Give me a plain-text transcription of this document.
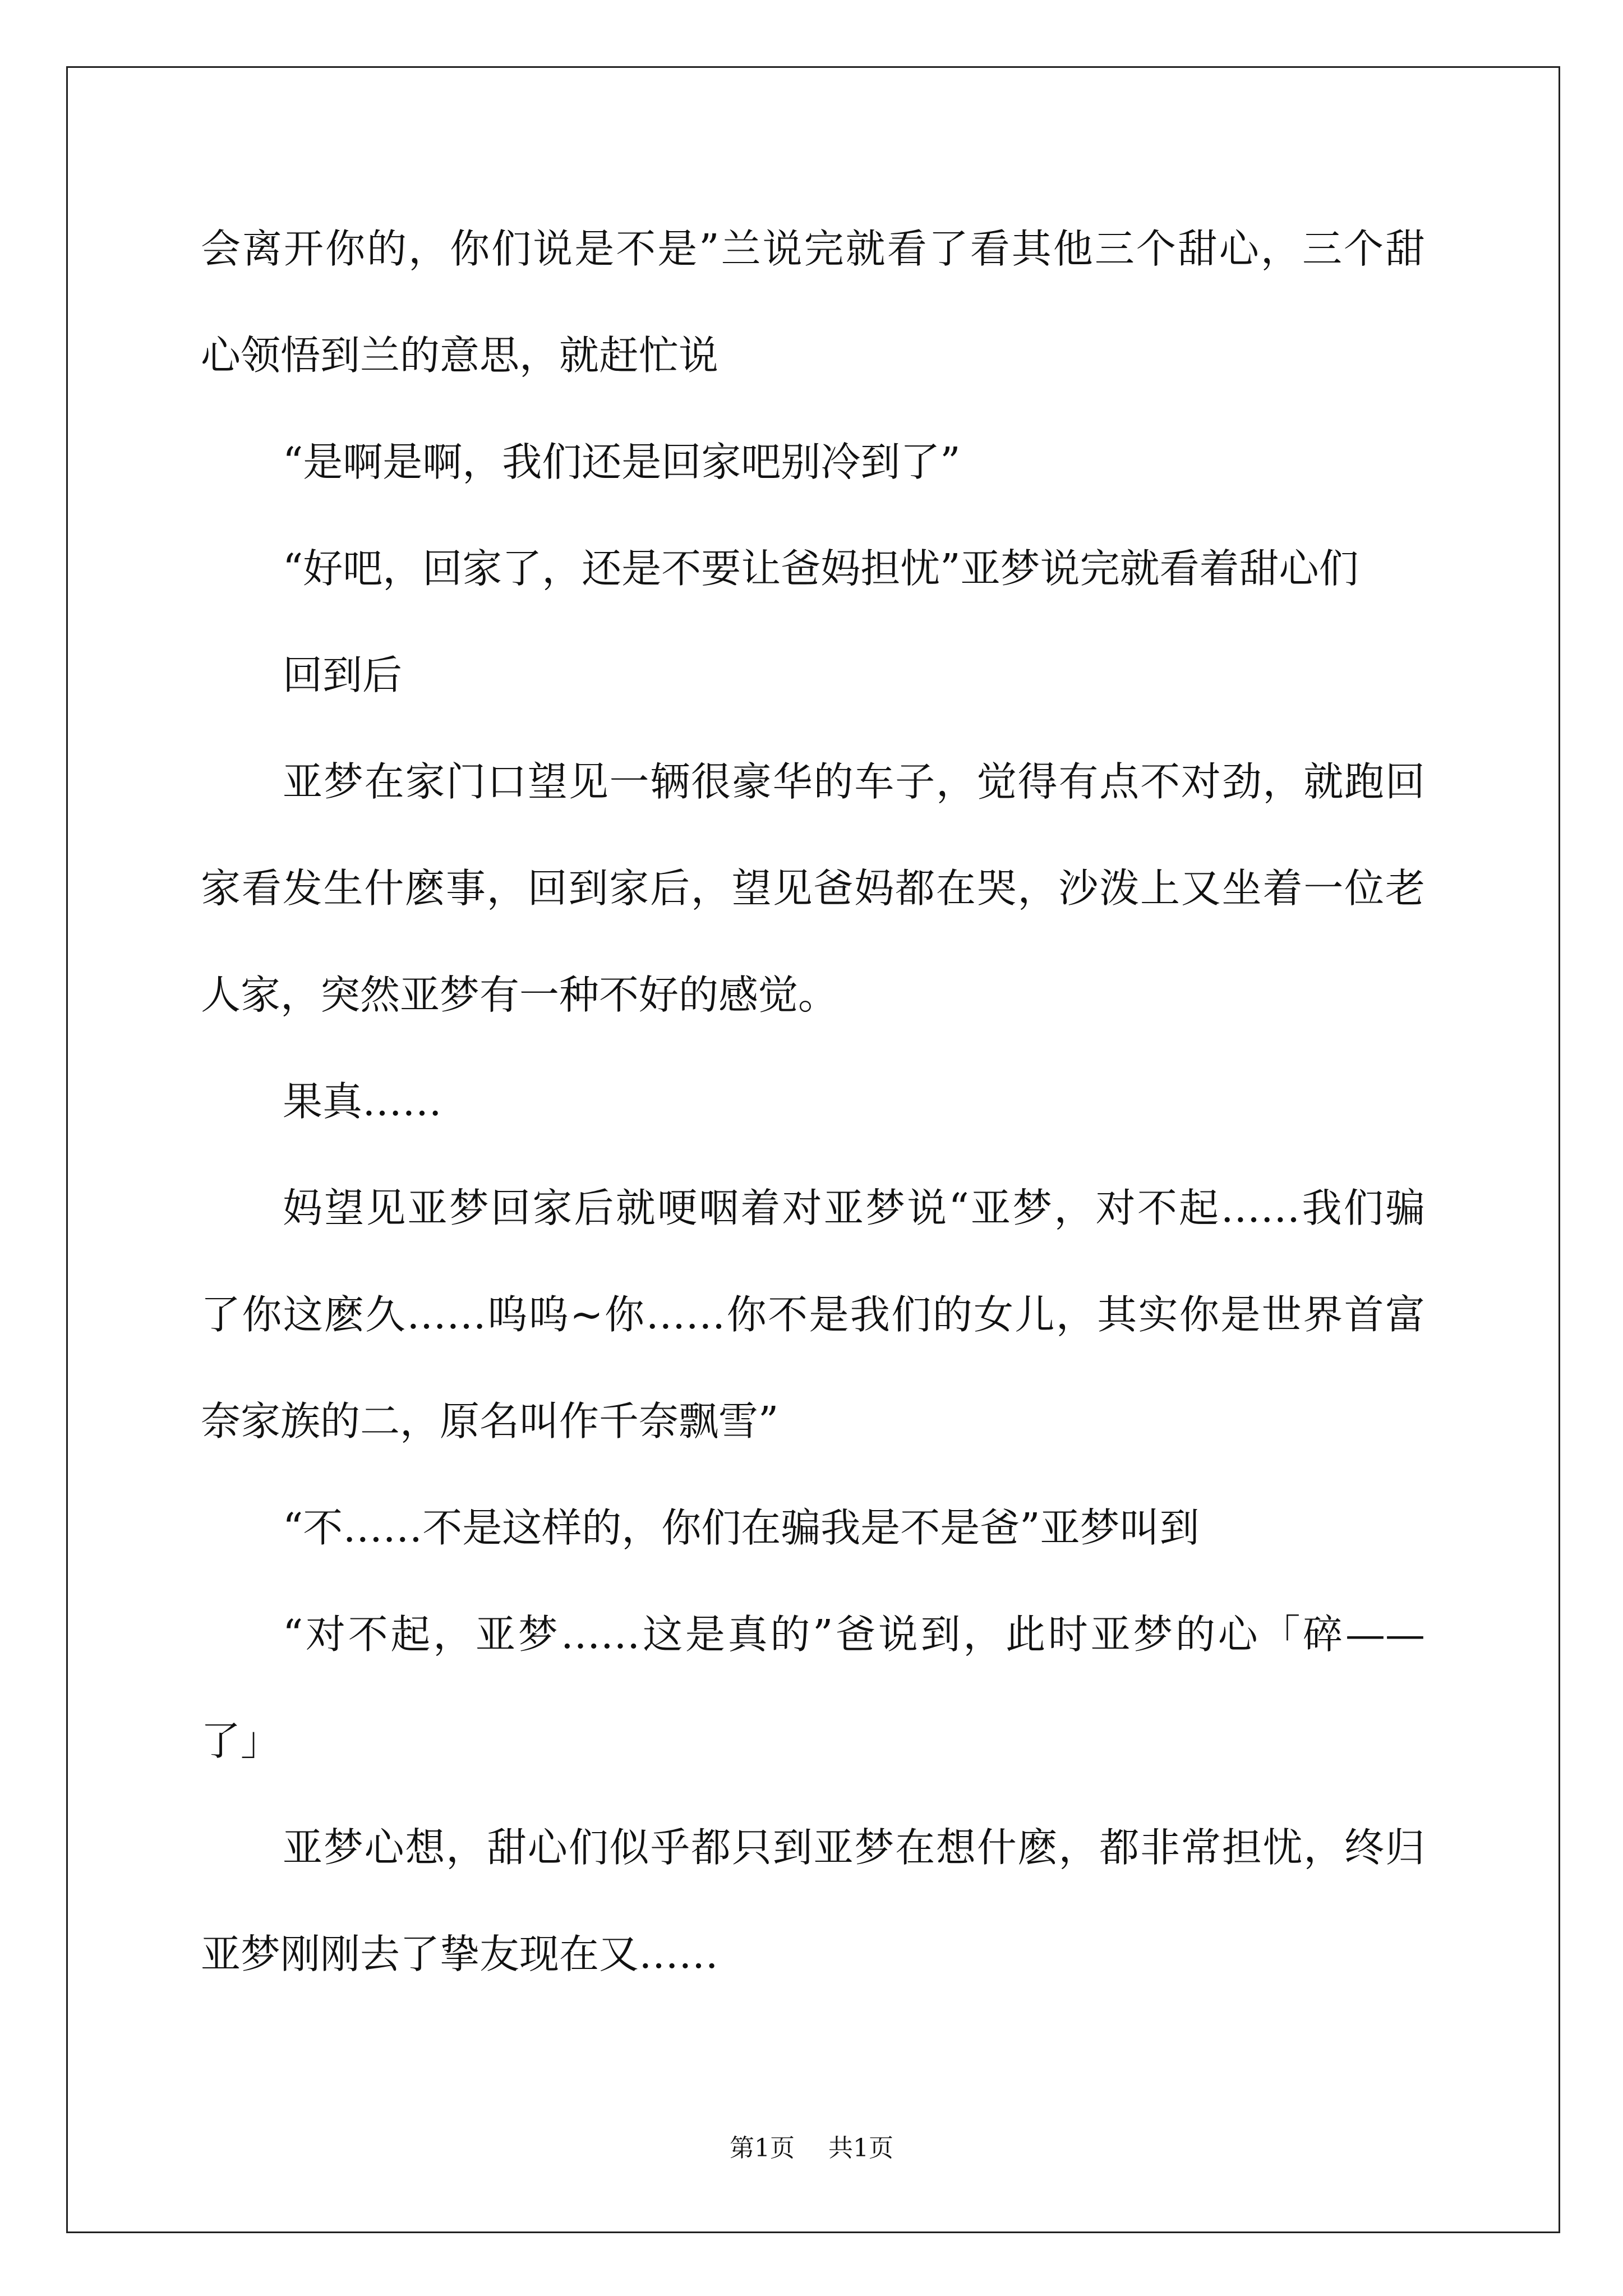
会离开你的，你们说是不是”兰说完就看了看其他三个甜心，三个甜
心领悟到兰的意思，就赶忙说
“是啊是啊，我们还是回家吧别冷到了”
“好吧，回家了，还是不要让爸妈担忧”亚梦说完就看着甜心们
回到后
亚梦在家门口望见一辆很豪华的车子，觉得有点不对劲，就跑回
家看发生什麽事，回到家后，望见爸妈都在哭，沙泼上又坐着一位老
人家，突然亚梦有一种不好的感觉。
果真……
妈望见亚梦回家后就哽咽着对亚梦说“亚梦，对不起……我们骗
了你这麽久……呜呜~你……你不是我们的女儿，其实你是世界首富
奈家族的二，原名叫作千奈飘雪”
“不……不是这样的，你们在骗我是不是爸”亚梦叫到
“对不起，亚梦……这是真的”爸说到，此时亚梦的心「碎——
了」
亚梦心想，甜心们似乎都只到亚梦在想什麽，都非常担忧，终归
亚梦刚刚去了挚友现在又……
第1页 共1页
